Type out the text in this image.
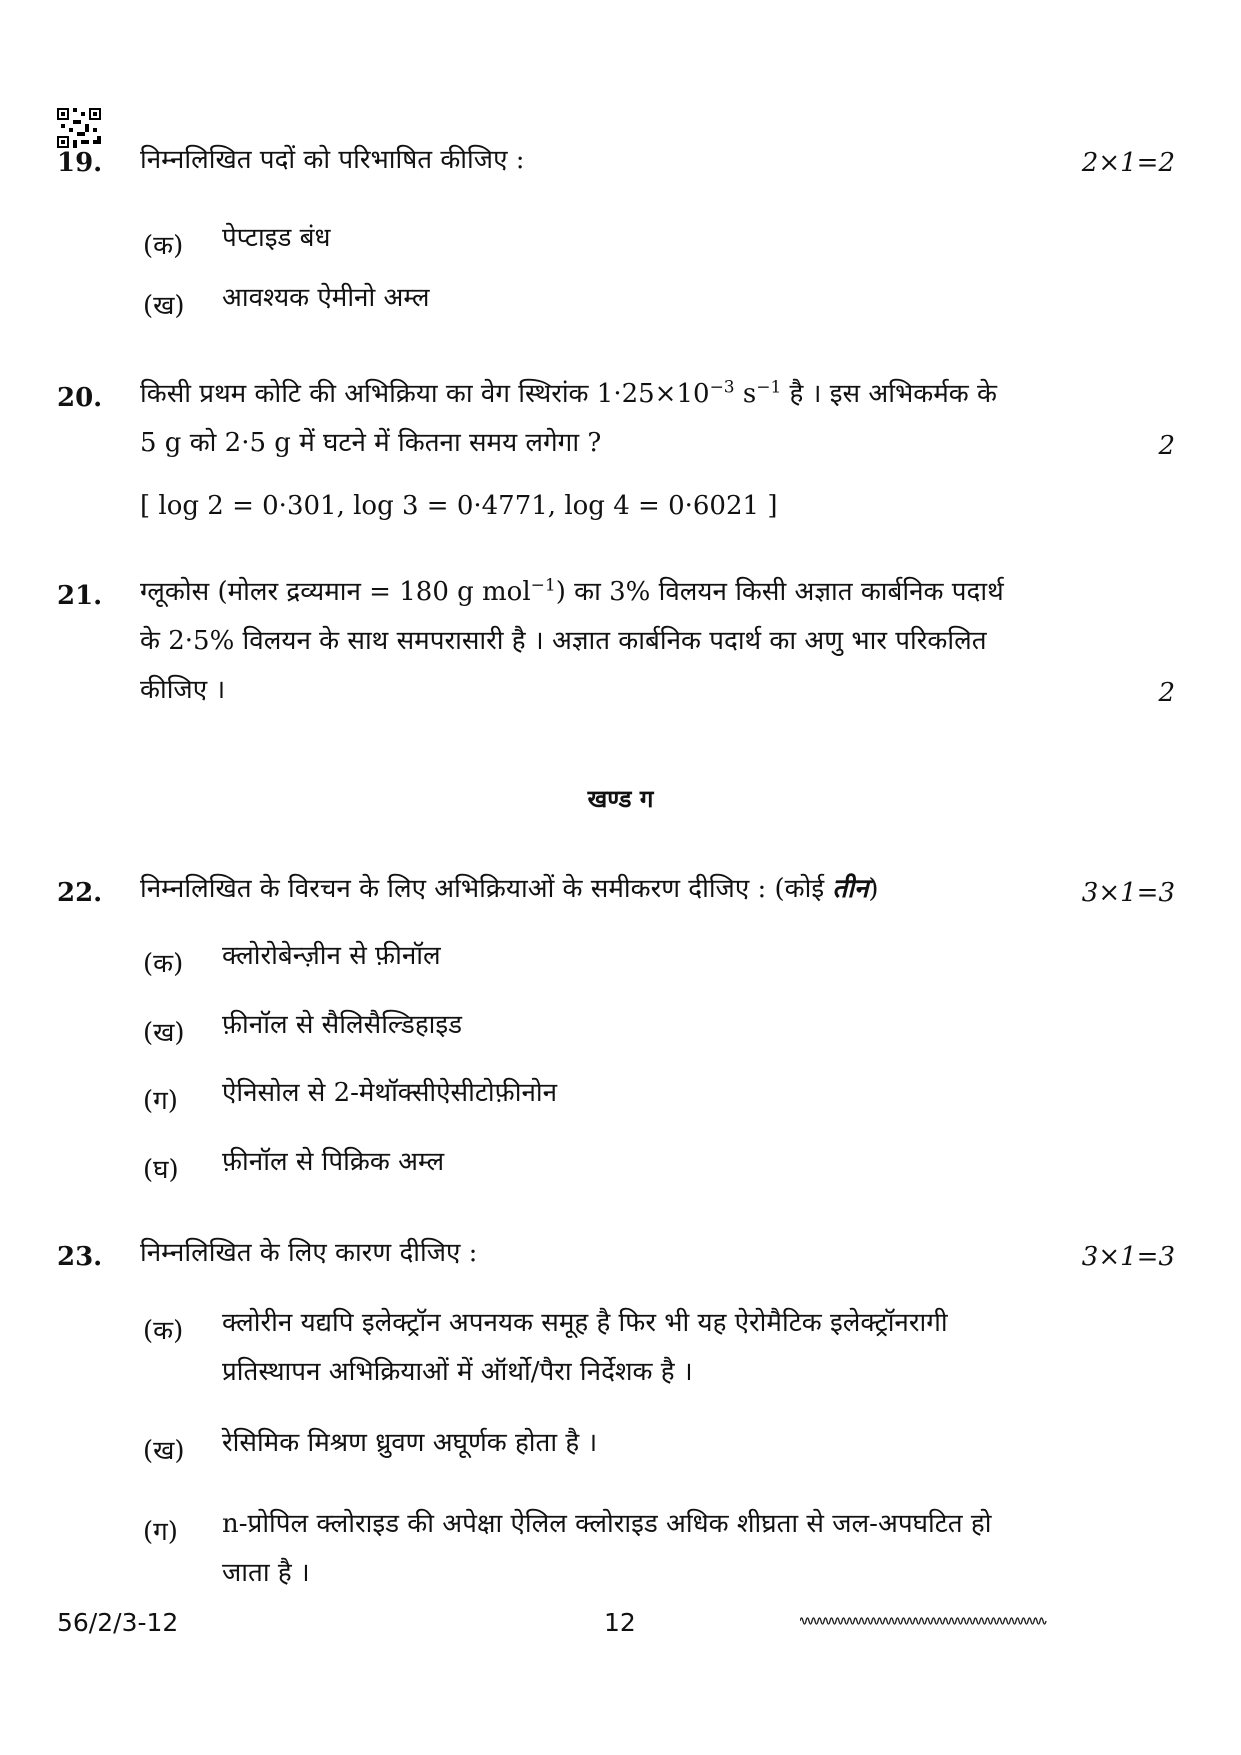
19. निम्नलिखित पदों को परिभाषित कीजिए :	2×1=2
(क) पेप्टाइड बंध
(ख) आवश्यक ऐमीनो अम्ल
20. किसी प्रथम कोटि की अभिक्रिया का वेग स्थिरांक $1\cdot 25\times 10^{-3}$ $s^{-1}$ है । इस अभिकर्मक के
5 g को 2·5 g में घटने में कितना समय लगेगा ?	2
[ log 2 = 0·301, log 3 = 0·4771, log 4 = 0·6021 ]
21. ग्लूकोस (मोलर द्रव्यमान = 180 g mol$^{-1}$) का 3% विलयन किसी अज्ञात कार्बनिक पदार्थ
के 2·5% विलयन के साथ समपरासारी है । अज्ञात कार्बनिक पदार्थ का अणु भार परिकलित
कीजिए ।	2
खण्ड ग
22. निम्नलिखित के विरचन के लिए अभिक्रियाओं के समीकरण दीजिए : (कोई तीन)	3×1=3
(क) क्लोरोबेन्ज़ीन से फ़ीनॉल
(ख) फ़ीनॉल से सैलिसैल्डिहाइड
(ग) ऐनिसोल से 2-मेथॉक्सीऐसीटोफ़ीनोन
(घ) फ़ीनॉल से पिक्रिक अम्ल
23. निम्नलिखित के लिए कारण दीजिए :	3×1=3
(क) क्लोरीन यद्यपि इलेक्ट्रॉन अपनयक समूह है फिर भी यह ऐरोमैटिक इलेक्ट्रॉनरागी
प्रतिस्थापन अभिक्रियाओं में ऑर्थो/पैरा निर्देशक है ।
(ख) रेसिमिक मिश्रण ध्रुवण अघूर्णक होता है ।
(ग) n-प्रोपिल क्लोराइड की अपेक्षा ऐलिल क्लोराइड अधिक शीघ्रता से जल-अपघटित हो
जाता है ।
56/2/3-12	12
